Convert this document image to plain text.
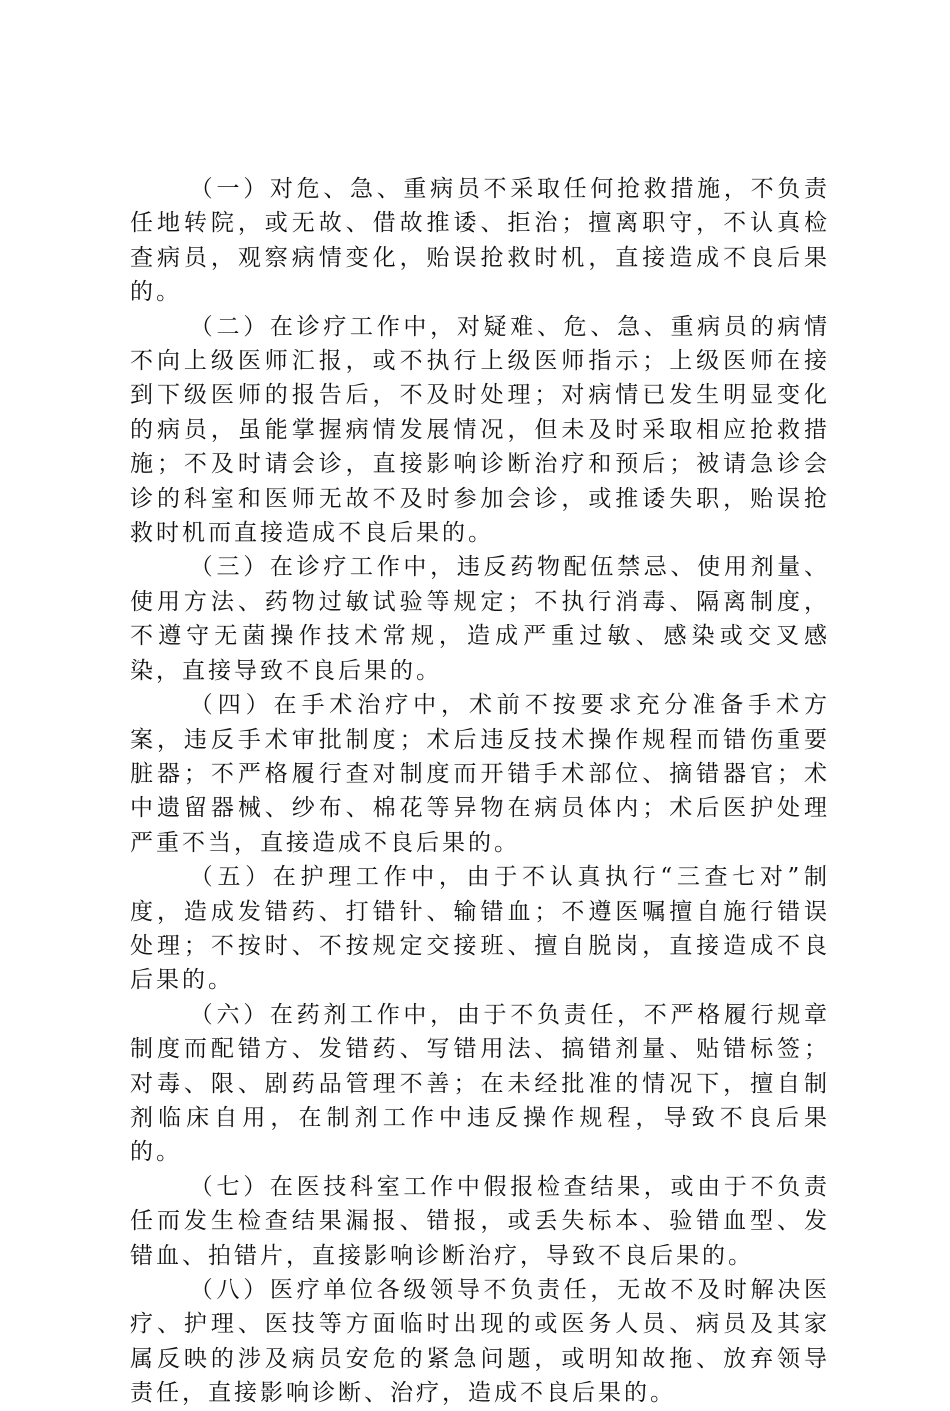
（一）对危、急、重病员不采取任何抢救措施，不负责任地转院，或无故、借故推诿、拒治；擅离职守，不认真检查病员，观察病情变化，贻误抢救时机，直接造成不良后果的。

（二）在诊疗工作中，对疑难、危、急、重病员的病情不向上级医师汇报，或不执行上级医师指示；上级医师在接到下级医师的报告后，不及时处理；对病情已发生明显变化的病员，虽能掌握病情发展情况，但未及时采取相应抢救措施；不及时请会诊，直接影响诊断治疗和预后；被请急诊会诊的科室和医师无故不及时参加会诊，或推诿失职，贻误抢救时机而直接造成不良后果的。

（三）在诊疗工作中，违反药物配伍禁忌、使用剂量、使用方法、药物过敏试验等规定；不执行消毒、隔离制度，不遵守无菌操作技术常规，造成严重过敏、感染或交叉感染，直接导致不良后果的。

（四）在手术治疗中，术前不按要求充分准备手术方案，违反手术审批制度；术后违反技术操作规程而错伤重要脏器；不严格履行查对制度而开错手术部位、摘错器官；术中遗留器械、纱布、棉花等异物在病员体内；术后医护处理严重不当，直接造成不良后果的。

（五）在护理工作中，由于不认真执行“三查七对”制度，造成发错药、打错针、输错血；不遵医嘱擅自施行错误处理；不按时、不按规定交接班、擅自脱岗，直接造成不良后果的。

（六）在药剂工作中，由于不负责任，不严格履行规章制度而配错方、发错药、写错用法、搞错剂量、贴错标签；对毒、限、剧药品管理不善；在未经批准的情况下，擅自制剂临床自用，在制剂工作中违反操作规程，导致不良后果的。

（七）在医技科室工作中假报检查结果，或由于不负责任而发生检查结果漏报、错报，或丢失标本、验错血型、发错血、拍错片，直接影响诊断治疗，导致不良后果的。

（八）医疗单位各级领导不负责任，无故不及时解决医疗、护理、医技等方面临时出现的或医务人员、病员及其家属反映的涉及病员安危的紧急问题，或明知故拖、放弃领导责任，直接影响诊断、治疗，造成不良后果的。
